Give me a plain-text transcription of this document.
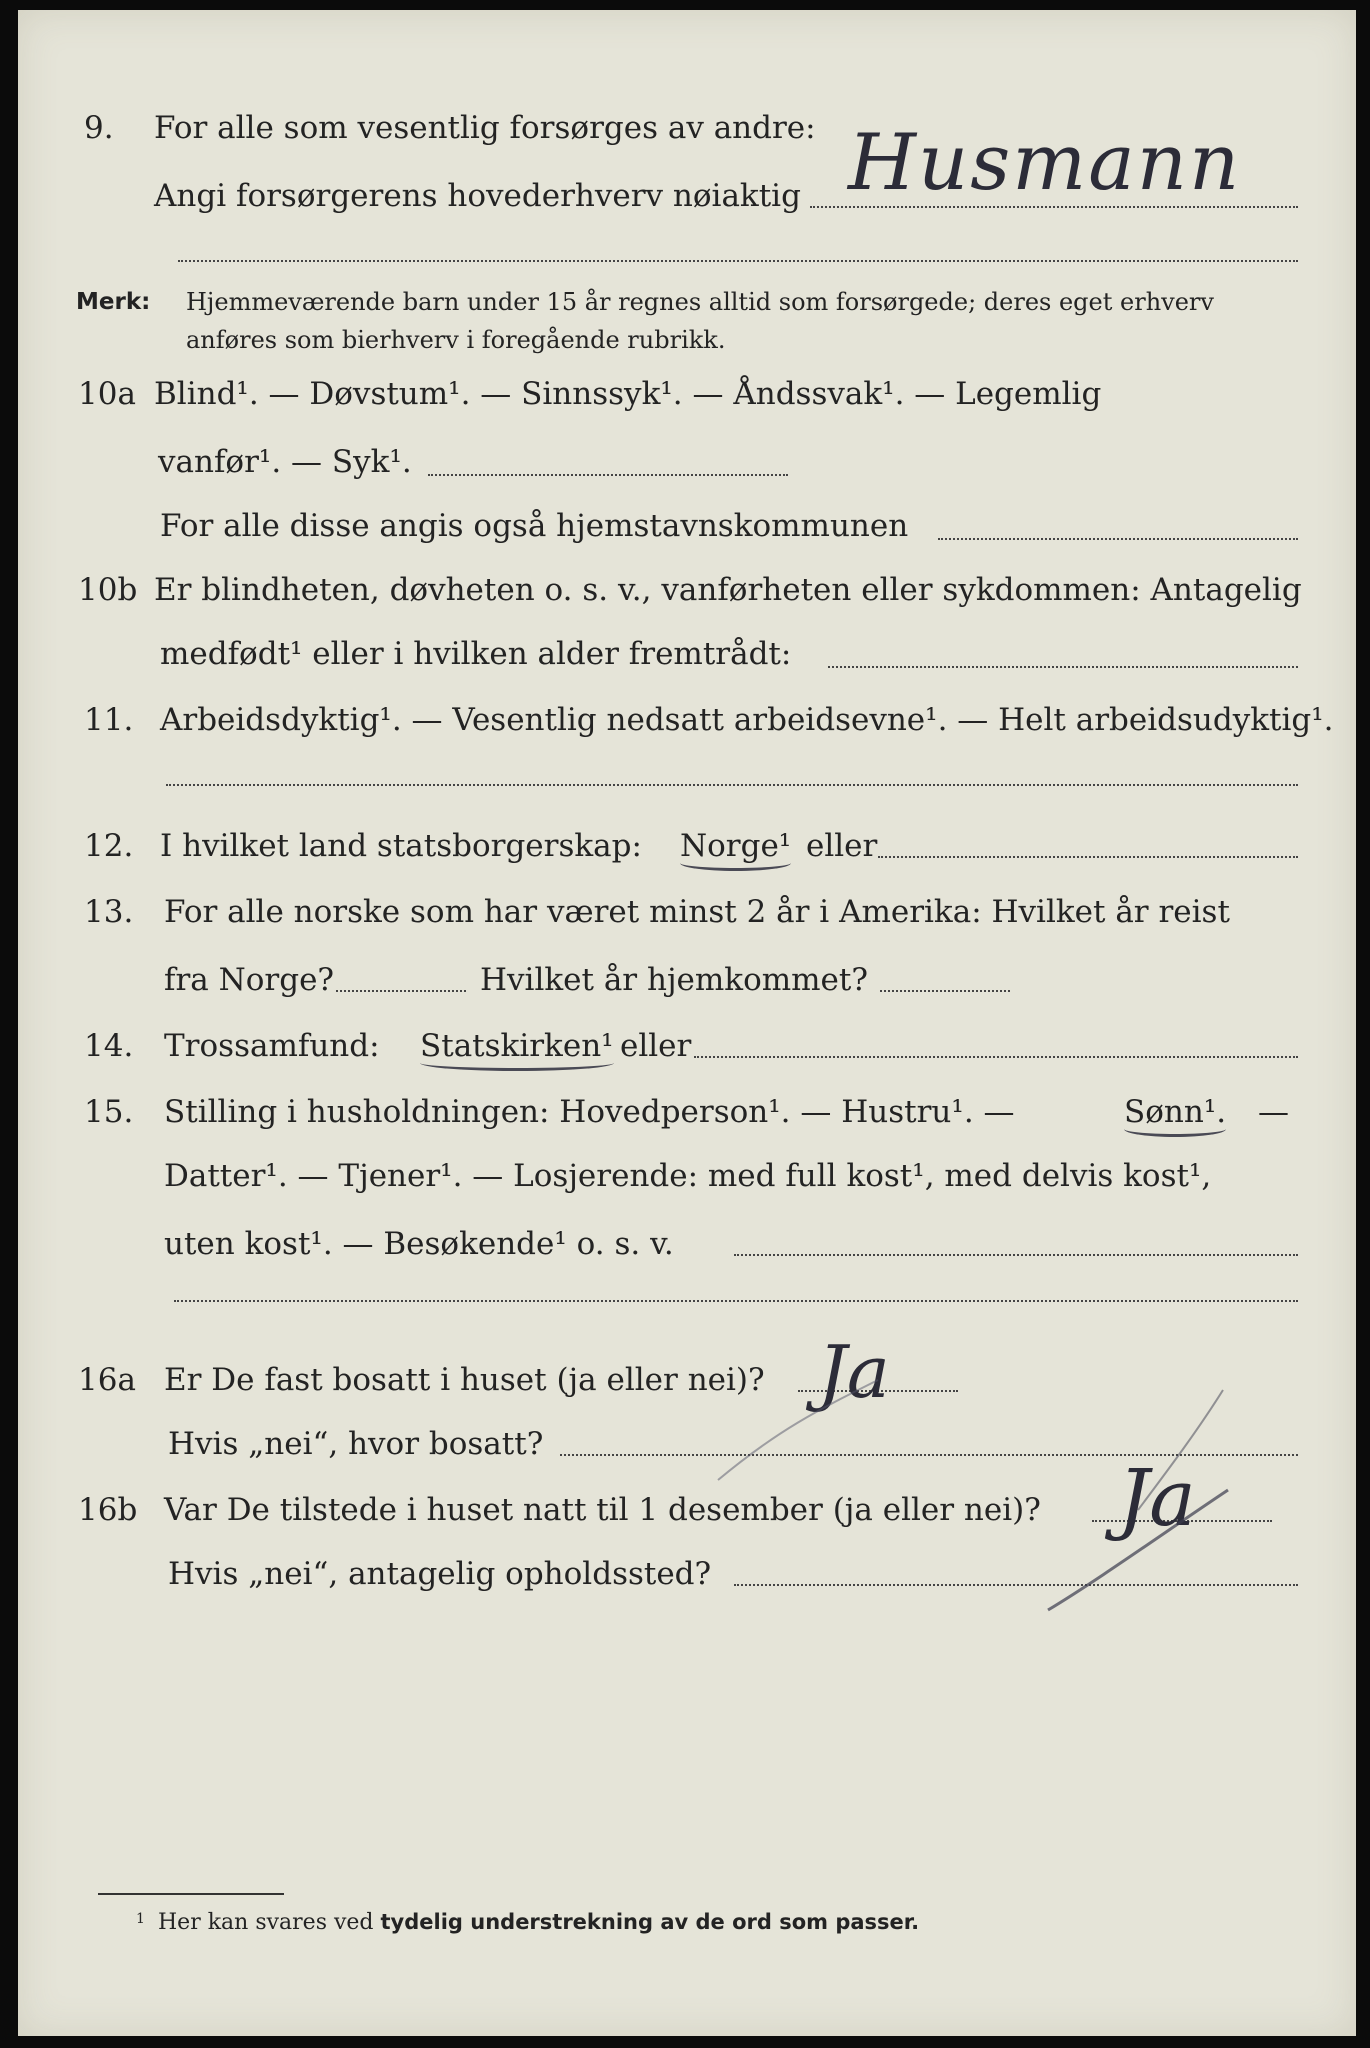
9. For alle som vesentlig forsørges av andre:
Angi forsørgerens hovederhverv nøiaktig Husmann
Merk: Hjemmeværende barn under 15 år regnes alltid som forsørgede; deres eget erhverv
anføres som bierhverv i foregående rubrikk.
10a Blind¹. — Døvstum¹. — Sinnssyk¹. — Åndssvak¹. — Legemlig
vanfør¹. — Syk¹.
For alle disse angis også hjemstavnskommunen
10b Er blindheten, døvheten o. s. v., vanførheten eller sykdommen: Antagelig
medfødt¹ eller i hvilken alder fremtrådt:
11. Arbeidsdyktig¹. — Vesentlig nedsatt arbeidsevne¹. — Helt arbeidsudyktig¹.
12. I hvilket land statsborgerskap: Norge¹ eller
13. For alle norske som har været minst 2 år i Amerika: Hvilket år reist
fra Norge?	Hvilket år hjemkommet?
14. Trossamfund: Statskirken¹ eller
15. Stilling i husholdningen: Hovedperson¹. — Hustru¹. —	Sønn¹. —
Datter¹. — Tjener¹. — Losjerende: med full kost¹, med delvis kost¹,
uten kost¹. — Besøkende¹ o. s. v.
16a Er De fast bosatt i huset (ja eller nei)? Ja
Hvis „nei“, hvor bosatt?
16b Var De tilstede i huset natt til 1 desember (ja eller nei)? Ja
Hvis „nei“, antagelig opholdssted?
1 Her kan svares ved tydelig understrekning av de ord som passer.
